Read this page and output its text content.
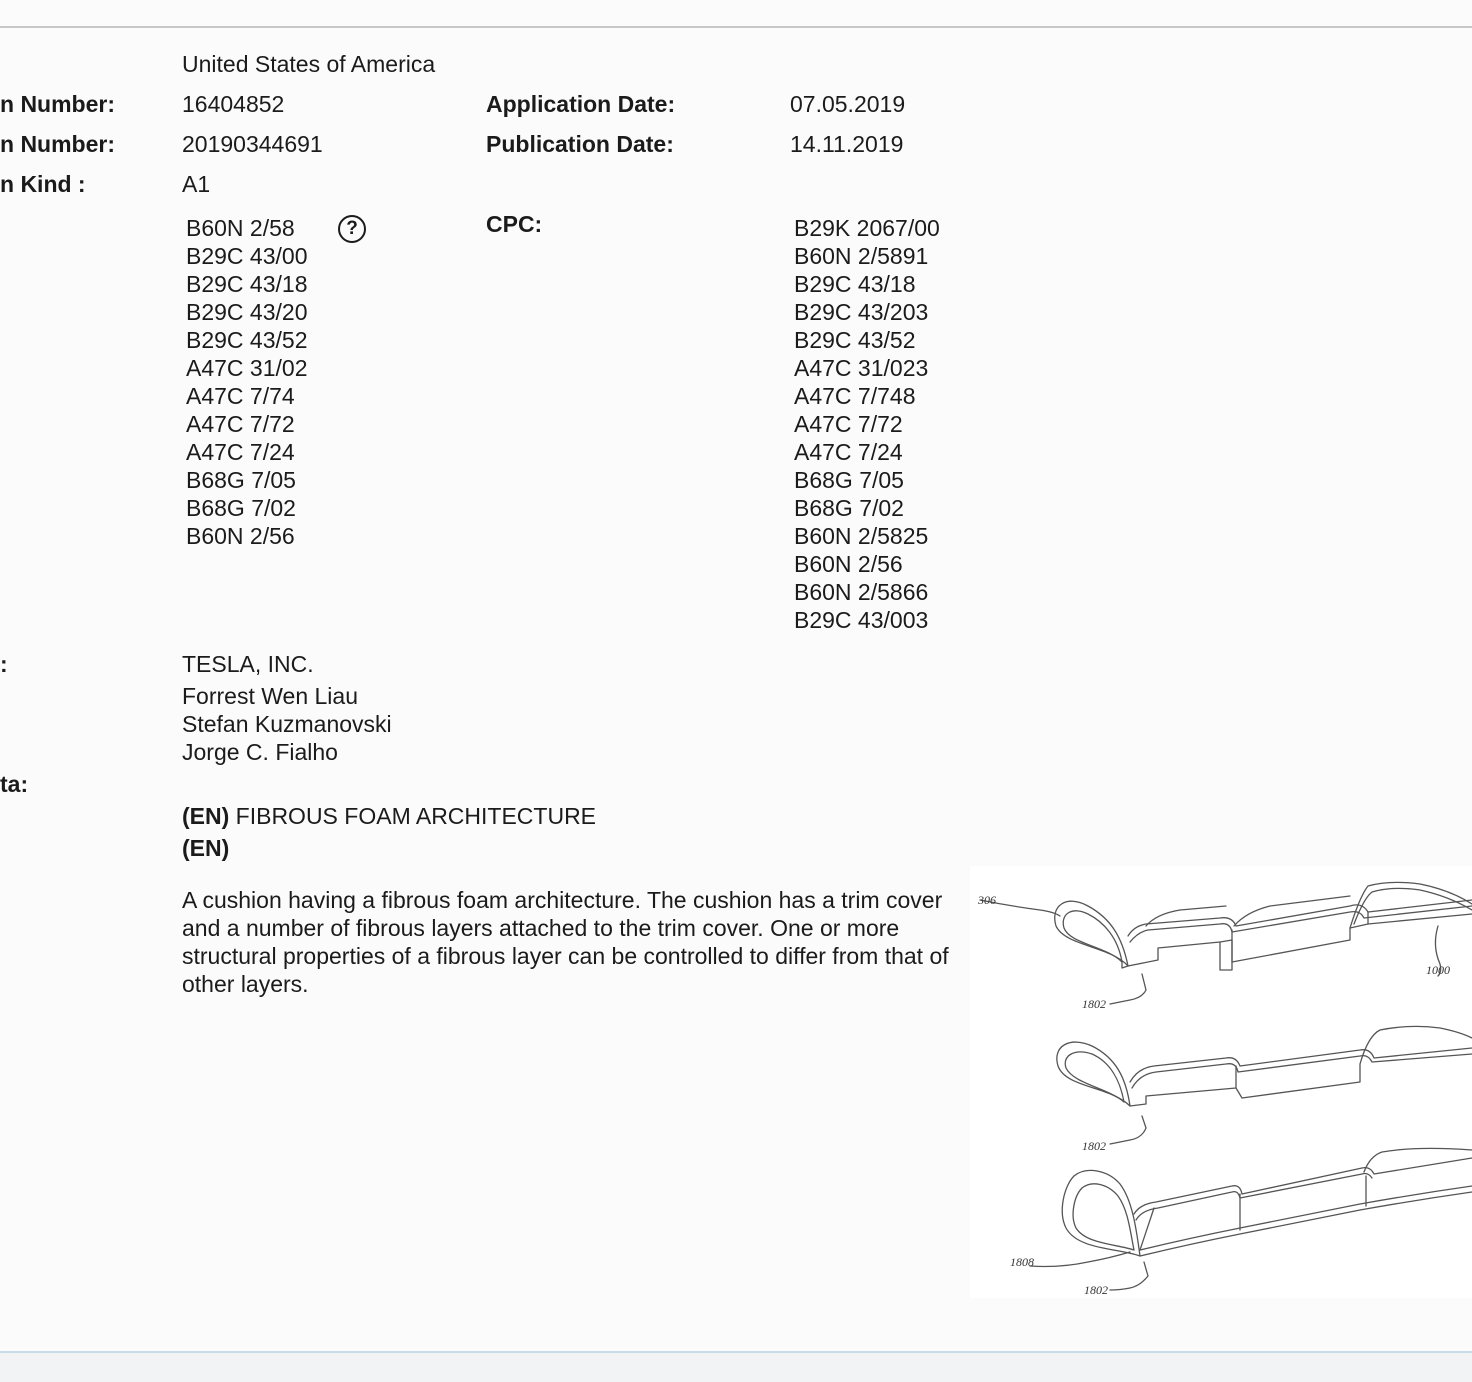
n Number:
n Number:
n Kind :
:
ta:
United States of America
16404852
20190344691
A1
Application Date:
Publication Date:
07.05.2019
14.11.2019
B60N 2/58
B29C 43/00
B29C 43/18
B29C 43/20
B29C 43/52
A47C 31/02
A47C 7/74
A47C 7/72
A47C 7/24
B68G 7/05
B68G 7/02
B60N 2/56
?	CPC:	B29K 2067/00
B60N 2/5891
B29C 43/18
B29C 43/203
B29C 43/52
A47C 31/023
A47C 7/748
A47C 7/72
A47C 7/24
B68G 7/05
B68G 7/02
B60N 2/5825
B60N 2/56
B60N 2/5866
B29C 43/003
TESLA, INC.
Forrest Wen Liau
Stefan Kuzmanovski
Jorge C. Fialho
(EN) FIBROUS FOAM ARCHITECTURE
(EN)
A cushion having a fibrous foam architecture. The cushion has a trim cover and a number of fibrous layers attached to the trim cover. One or more structural properties of a fibrous layer can be controlled to differ from that of other layers.
306
1000
1802
1802
1808
1802
